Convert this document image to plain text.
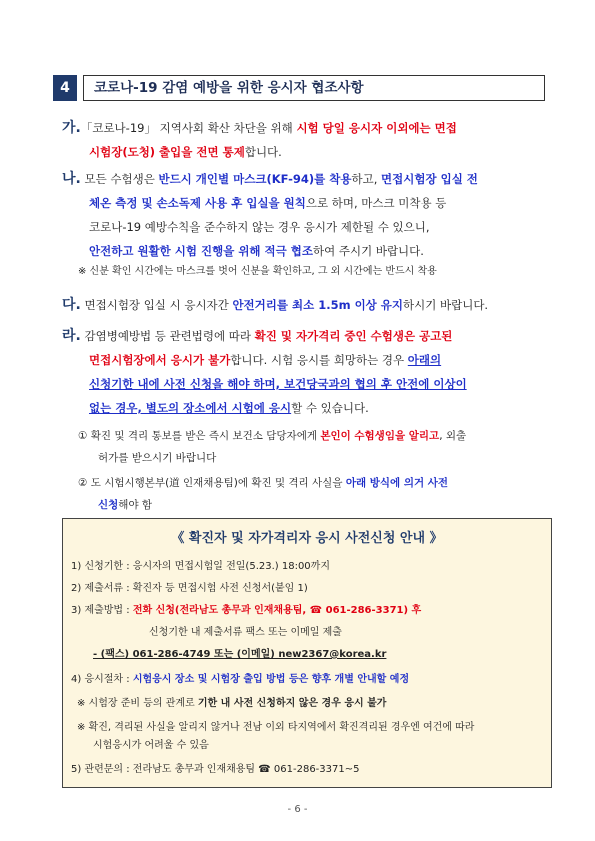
4	코로나-19 감염 예방을 위한 응시자 협조사항
가.「코로나-19」 지역사회 확산 차단을 위해 시험 당일 응시자 이외에는 면접
시험장(도청) 출입을 전면 통제합니다.
나. 모든 수험생은 반드시 개인별 마스크(KF-94)를 착용하고, 면접시험장 입실 전
체온 측정 및 손소독제 사용 후 입실을 원칙으로 하며, 마스크 미착용 등
코로나-19 예방수칙을 준수하지 않는 경우 응시가 제한될 수 있으니,
안전하고 원활한 시험 진행을 위해 적극 협조하여 주시기 바랍니다.
※ 신분 확인 시간에는 마스크를 벗어 신분을 확인하고, 그 외 시간에는 반드시 착용
다. 면접시험장 입실 시 응시자간 안전거리를 최소 1.5m 이상 유지하시기 바랍니다.
라. 감염병예방법 등 관련법령에 따라 확진 및 자가격리 중인 수험생은 공고된
면접시험장에서 응시가 불가합니다. 시험 응시를 희망하는 경우 아래의
신청기한 내에 사전 신청을 해야 하며, 보건당국과의 협의 후 안전에 이상이
없는 경우, 별도의 장소에서 시험에 응시할 수 있습니다.
① 확진 및 격리 통보를 받은 즉시 보건소 담당자에게 본인이 수험생임을 알리고, 외출
허가를 받으시기 바랍니다
② 도 시험시행본부(道 인재채용팀)에 확진 및 격리 사실을 아래 방식에 의거 사전
신청해야 함
《 확진자 및 자가격리자 응시 사전신청 안내 》
1) 신청기한 : 응시자의 면접시험일 전일(5.23.) 18:00까지
2) 제출서류 : 확진자 등 면접시험 사전 신청서(붙임 1)
3) 제출방법 : 전화 신청(전라남도 총무과 인재채용팀, ☎ 061-286-3371) 후
신청기한 내 제출서류 팩스 또는 이메일 제출
- (팩스) 061-286-4749 또는 (이메일) new2367@korea.kr
4) 응시절차 : 시험응시 장소 및 시험장 출입 방법 등은 향후 개별 안내할 예정
※ 시험장 준비 등의 관계로 기한 내 사전 신청하지 않은 경우 응시 불가
※ 확진, 격리된 사실을 알리지 않거나 전남 이외 타지역에서 확진격리된 경우엔 여건에 따라
시험응시가 어려울 수 있음
5) 관련문의 : 전라남도 총무과 인재채용팀 ☎ 061-286-3371~5
- 6 -
